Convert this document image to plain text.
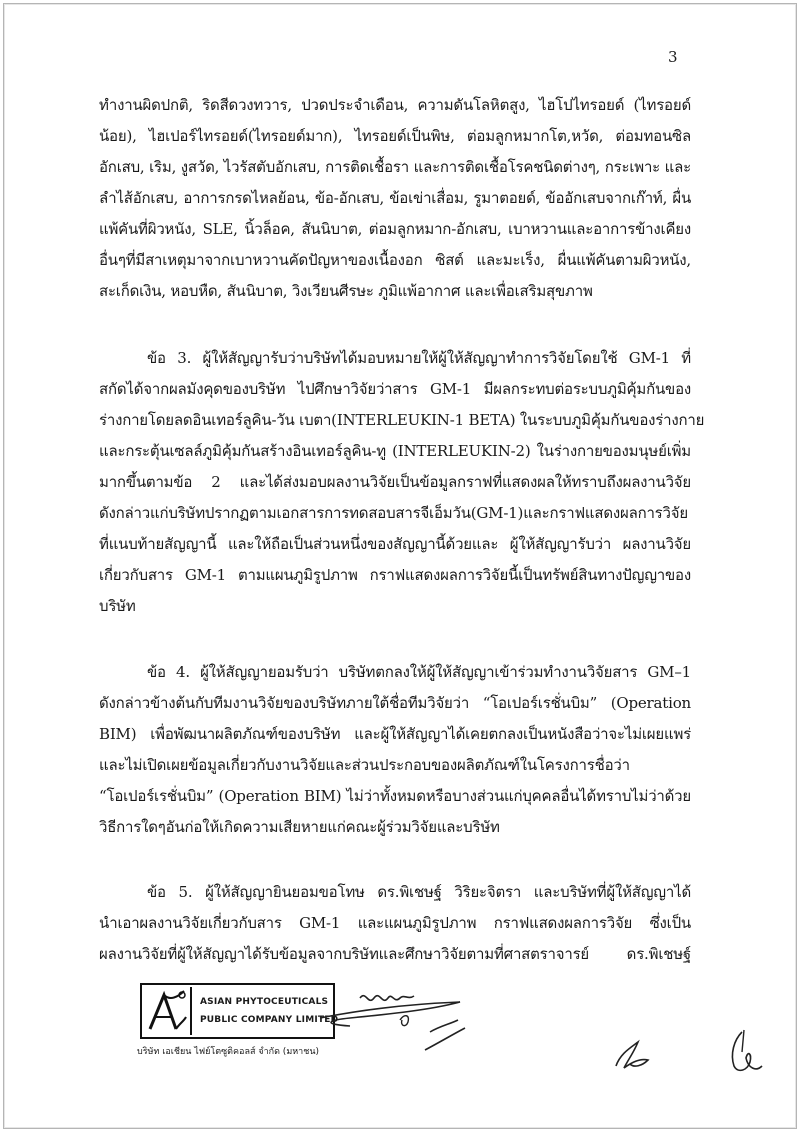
3
ทำงานผิดปกติ, ริดสีดวงทวาร, ปวดประจำเดือน, ความดันโลหิตสูง, ไฮโปไทรอยด์ (ไทรอยด์
น้อย), ไฮเปอร์ไทรอยด์(ไทรอยด์มาก), ไทรอยด์เป็นพิษ, ต่อมลูกหมากโต,หวัด, ต่อมทอนซิล
อักเสบ, เริม, งูสวัด, ไวรัสตับอักเสบ, การติดเชื้อรา และการติดเชื้อโรคชนิดต่างๆ, กระเพาะ และ
ลำไส้อักเสบ, อาการกรดไหลย้อน, ข้อ-อักเสบ, ข้อเข่าเสื่อม, รูมาตอยด์, ข้ออักเสบจากเก๊าท์, ผื่น
แพ้คันที่ผิวหนัง, SLE, นิ้วล็อค, สันนิบาต, ต่อมลูกหมาก-อักเสบ, เบาหวานและอาการข้างเคียง
อื่นๆที่มีสาเหตุมาจากเบาหวานคัดปัญหาของเนื้องอก ซิสต์ และมะเร็ง, ผื่นแพ้คันตามผิวหนัง,
สะเก็ดเงิน, หอบหืด, สันนิบาต, วิงเวียนศีรษะ ภูมิแพ้อากาศ และเพื่อเสริมสุขภาพ
ข้อ 3. ผู้ให้สัญญารับว่าบริษัทได้มอบหมายให้ผู้ให้สัญญาทำการวิจัยโดยใช้ GM-1 ที่
สกัดได้จากผลมังคุดของบริษัท ไปศึกษาวิจัยว่าสาร GM-1 มีผลกระทบต่อระบบภูมิคุ้มกันของ
ร่างกายโดยลดอินเทอร์ลูคิน-วัน เบตา(INTERLEUKIN-1 BETA) ในระบบภูมิคุ้มกันของร่างกาย
และกระตุ้นเซลล์ภูมิคุ้มกันสร้างอินเทอร์ลูคิน-ทู (INTERLEUKIN-2) ในร่างกายของมนุษย์เพิ่ม
มากขึ้นตามข้อ 2 และได้ส่งมอบผลงานวิจัยเป็นข้อมูลกราฟที่แสดงผลให้ทราบถึงผลงานวิจัย
ดังกล่าวแก่บริษัทปรากฏตามเอกสารการทดสอบสารจีเอ็มวัน(GM-1)และกราฟแสดงผลการวิจัย
ที่แนบท้ายสัญญานี้ และให้ถือเป็นส่วนหนึ่งของสัญญานี้ด้วยและ ผู้ให้สัญญารับว่า ผลงานวิจัย
เกี่ยวกับสาร GM-1 ตามแผนภูมิรูปภาพ กราฟแสดงผลการวิจัยนี้เป็นทรัพย์สินทางปัญญาของ
บริษัท
ข้อ 4. ผู้ให้สัญญายอมรับว่า บริษัทตกลงให้ผู้ให้สัญญาเข้าร่วมทำงานวิจัยสาร GM–1
ดังกล่าวข้างต้นกับทีมงานวิจัยของบริษัทภายใต้ชื่อทีมวิจัยว่า “โอเปอร์เรชั่นบิม” (Operation
BIM) เพื่อพัฒนาผลิตภัณฑ์ของบริษัท และผู้ให้สัญญาได้เคยตกลงเป็นหนังสือว่าจะไม่เผยแพร่
และไม่เปิดเผยข้อมูลเกี่ยวกับงานวิจัยและส่วนประกอบของผลิตภัณฑ์ในโครงการชื่อว่า
“โอเปอร์เรชั่นบิม” (Operation BIM) ไม่ว่าทั้งหมดหรือบางส่วนแก่บุคคลอื่นได้ทราบไม่ว่าด้วย
วิธีการใดๆอันก่อให้เกิดความเสียหายแก่คณะผู้ร่วมวิจัยและบริษัท
ข้อ 5. ผู้ให้สัญญายินยอมขอโทษ ดร.พิเชษฐ์ วิริยะจิตรา และบริษัทที่ผู้ให้สัญญาได้
นำเอาผลงานวิจัยเกี่ยวกับสาร GM-1 และแผนภูมิรูปภาพ กราฟแสดงผลการวิจัย ซึ่งเป็น
ผลงานวิจัยที่ผู้ให้สัญญาได้รับข้อมูลจากบริษัทและศึกษาวิจัยตามที่ศาสตราจารย์ ดร.พิเชษฐ์
ASIAN PHYTOCEUTICALS
PUBLIC COMPANY LIMITED
บริษัท เอเชียน ไฟย์โตซูติคอลส์ จำกัด (มหาชน)
